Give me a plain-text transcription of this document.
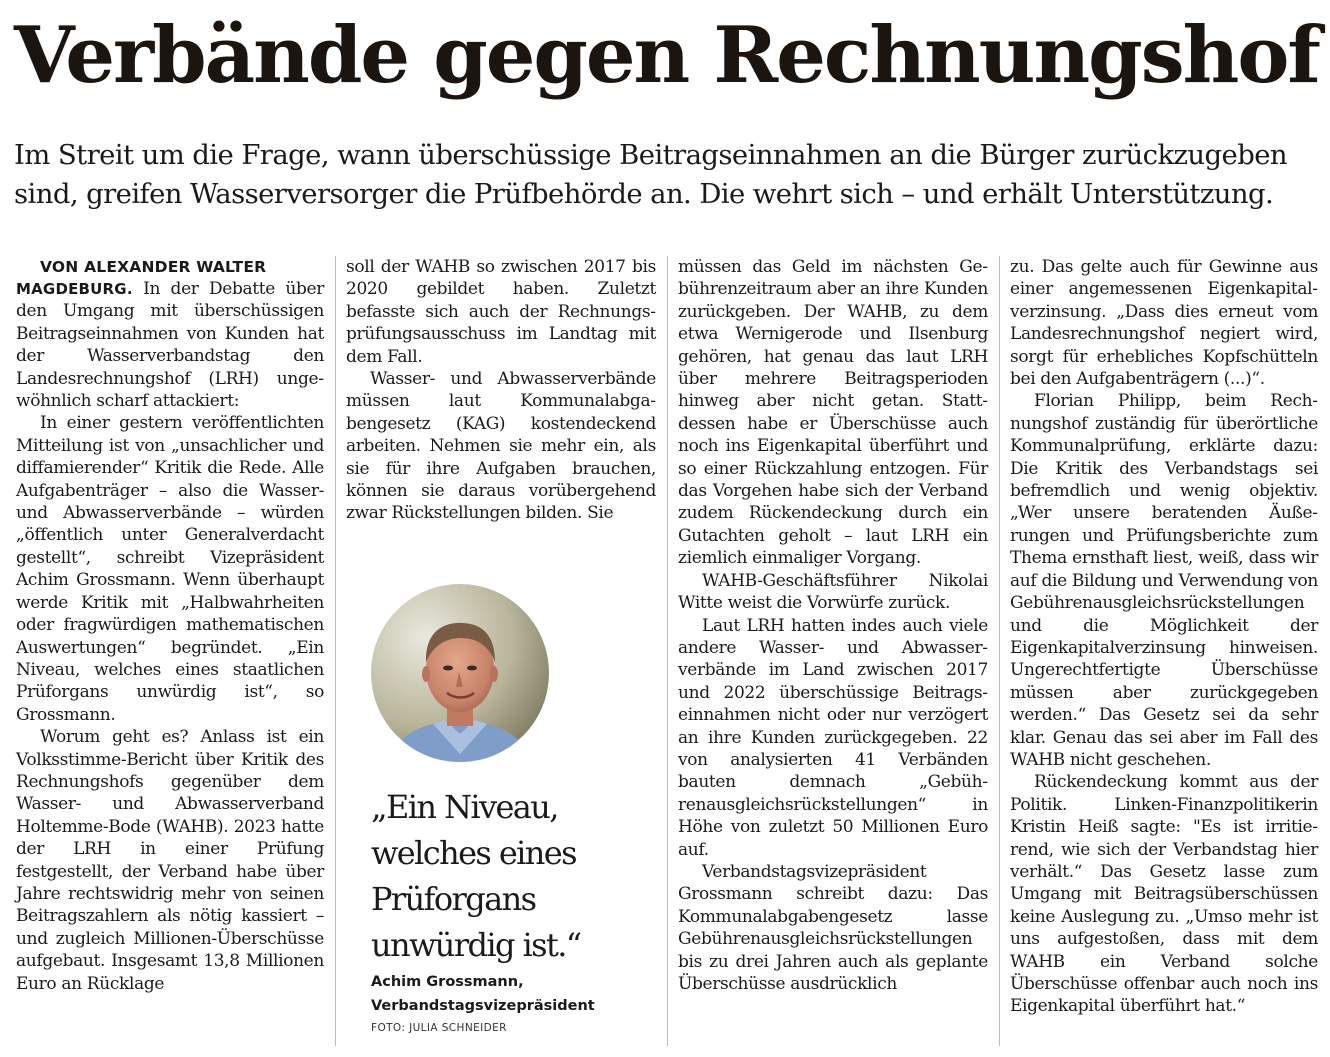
Verbände gegen Rechnungshof

Im Streit um die Frage, wann überschüssige Beitragseinnahmen an die Bürger zurückzugeben sind, greifen Wasserversorger die Prüfbehörde an. Die wehrt sich – und erhält Unterstützung.

VON ALEXANDER WALTER

MAGDEBURG. In der Debatte über den Umgang mit überschüssigen Beitragseinnahmen von Kunden hat der Wasserverbandstag den Landesrechnungshof (LRH) ungewöhnlich scharf attackiert:

In einer gestern veröffentlichten Mitteilung ist von „unsachlicher und diffamierender“ Kritik die Rede. Alle Aufgabenträger – also die Wasser- und Abwasserverbände – würden „öffentlich unter Generalverdacht gestellt“, schreibt Vizepräsident Achim Grossmann. Wenn überhaupt werde Kritik mit „Halbwahrheiten oder fragwürdigen mathematischen Auswertungen“ begründet. „Ein Niveau, welches eines staatlichen Prüforgans unwürdig ist“, so Grossmann.

Worum geht es? Anlass ist ein Volksstimme-Bericht über Kritik des Rechnungshofs gegenüber dem Wasser- und Abwasserverband Holtemme-Bode (WAHB). 2023 hatte der LRH in einer Prüfung festgestellt, der Verband habe über Jahre rechtswidrig mehr von seinen Beitragszahlern als nötig kassiert – und zugleich Millionen-Überschüsse aufgebaut. Insgesamt 13,8 Millionen Euro an Rücklage

soll der WAHB so zwischen 2017 bis 2020 gebildet haben. Zuletzt befasste sich auch der Rechnungsprüfungsausschuss im Landtag mit dem Fall.

Wasser- und Abwasserverbände müssen laut Kommunalabgabengesetz (KAG) kostendeckend arbeiten. Nehmen sie mehr ein, als sie für ihre Aufgaben brauchen, können sie daraus vorübergehend zwar Rückstellungen bilden. Sie

„Ein Niveau, welches eines Prüforgans unwürdig ist.“

Achim Grossmann,
Verbandstagsvizepräsident
FOTO: JULIA SCHNEIDER

müssen das Geld im nächsten Gebührenzeitraum aber an ihre Kunden zurückgeben. Der WAHB, zu dem etwa Wernigerode und Ilsenburg gehören, hat genau das laut LRH über mehrere Beitragsperioden hinweg aber nicht getan. Stattdessen habe er Überschüsse auch noch ins Eigenkapital überführt und so einer Rückzahlung entzogen. Für das Vorgehen habe sich der Verband zudem Rückendeckung durch ein Gutachten geholt – laut LRH ein ziemlich einmaliger Vorgang.

WAHB-Geschäftsführer Nikolai Witte weist die Vorwürfe zurück.

Laut LRH hatten indes auch viele andere Wasser- und Abwasserverbände im Land zwischen 2017 und 2022 überschüssige Beitragseinnahmen nicht oder nur verzögert an ihre Kunden zurückgegeben. 22 von analysierten 41 Verbänden bauten demnach „Gebührenausgleichsrückstellungen“ in Höhe von zuletzt 50 Millionen Euro auf.

Verbandstagsvizepräsident Grossmann schreibt dazu: Das Kommunalabgabengesetz lasse Gebührenausgleichsrückstellungen bis zu drei Jahren auch als geplante Überschüsse ausdrücklich

zu. Das gelte auch für Gewinne aus einer angemessenen Eigenkapitalverzinsung. „Dass dies erneut vom Landesrechnungshof negiert wird, sorgt für erhebliches Kopfschütteln bei den Aufgabenträgern (...)“.

Florian Philipp, beim Rechnungshof zuständig für überörtliche Kommunalprüfung, erklärte dazu: Die Kritik des Verbandstags sei befremdlich und wenig objektiv. „Wer unsere beratenden Äußerungen und Prüfungsberichte zum Thema ernsthaft liest, weiß, dass wir auf die Bildung und Verwendung von Gebührenausgleichsrückstellungen und die Möglichkeit der Eigenkapitalverzinsung hinweisen. Ungerechtfertigte Überschüsse müssen aber zurückgegeben werden.“ Das Gesetz sei da sehr klar. Genau das sei aber im Fall des WAHB nicht geschehen.

Rückendeckung kommt aus der Politik. Linken-Finanzpolitikerin Kristin Heiß sagte: "Es ist irritierend, wie sich der Verbandstag hier verhält.“ Das Gesetz lasse zum Umgang mit Beitragsüberschüssen keine Auslegung zu. „Umso mehr ist uns aufgestoßen, dass mit dem WAHB ein Verband solche Überschüsse offenbar auch noch ins Eigenkapital überführt hat.“
